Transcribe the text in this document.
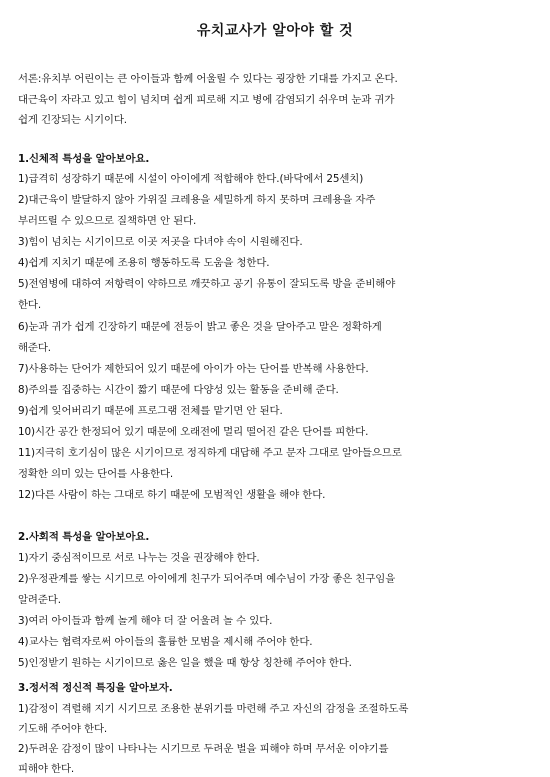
유치교사가 알아야 할 것
서론:유치부 어린이는 큰 아이들과 함께 어울릴 수 있다는 굉장한 기대를 가지고 온다.
대근육이 자라고 있고 힘이 넘치며 쉽게 피로해 지고 병에 감염되기 쉬우며 눈과 귀가
쉽게 긴장되는 시기이다.
1.신체적 특성을 알아보아요.
1)급격히 성장하기 때문에 시설이 아이에게 적합해야 한다.(바닥에서 25센치)
2)대근육이 발달하지 않아 가위질 크레용을 세밀하게 하지 못하며 크레용을 자주
부러뜨릴 수 있으므로 질책하면 안 된다.
3)힘이 넘치는 시기이므로 이곳 저곳을 다녀야 속이 시원해진다.
4)쉽게 지치기 때문에 조용히 행동하도록 도움을 청한다.
5)전염병에 대하여 저항력이 약하므로 깨끗하고 공기 유통이 잘되도록 방을 준비해야
한다.
6)눈과 귀가 쉽게 긴장하기 때문에 전등이 밝고 좋은 것을 달아주고 말은 정확하게
해준다.
7)사용하는 단어가 제한되어 있기 때문에 아이가 아는 단어를 반복해 사용한다.
8)주의를 집중하는 시간이 짧기 때문에 다양성 있는 활동을 준비해 준다.
9)쉽게 잊어버리기 때문에 프로그램 전체를 맡기면 안 된다.
10)시간 공간 한정되어 있기 때문에 오래전에 멀리 떨어진 같은 단어를 피한다.
11)지극히 호기심이 많은 시기이므로 정직하게 대답해 주고 문자 그대로 알아들으므로
정확한 의미 있는 단어를 사용한다.
12)다른 사람이 하는 그대로 하기 때문에 모범적인 생활을 해야 한다.
2.사회적 특성을 알아보아요.
1)자기 중심적이므로 서로 나누는 것을 권장해야 한다.
2)우정관계를 쌓는 시기므로 아이에게 친구가 되어주며 예수님이 가장 좋은 친구임을
알려준다.
3)여러 아이들과 함께 놀게 해야 더 잘 어울려 놀 수 있다.
4)교사는 협력자로써 아이들의 훌륭한 모범을 제시해 주어야 한다.
5)인정받기 원하는 시기이므로 옳은 일을 했을 때 항상 칭찬해 주어야 한다.
3.정서적 정신적 특징을 알아보자.
1)감정이 격렬해 지기 시기므로 조용한 분위기를 마련해 주고 자신의 감정을 조절하도록
기도해 주어야 한다.
2)두려운 감정이 많이 나타나는 시기므로 두려운 벌을 피해야 하며 무서운 이야기를
피해야 한다.
